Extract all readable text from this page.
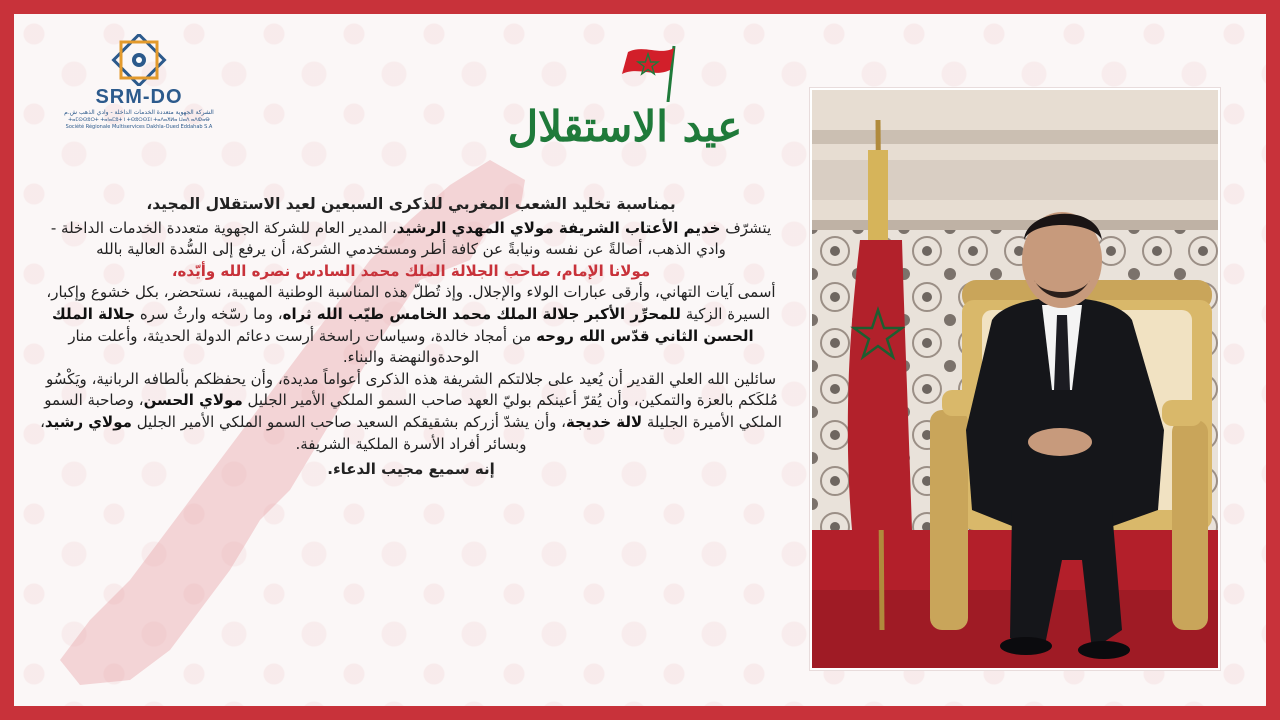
SRM-DO
الشركة الجهوية متعددة الخدمات الداخلة - وادي الذهب ش.م
ⵜⴰⵎⵙⵙⵓⵔⵜ ⵜⴰⵏⴰⵎⵓⵜ ⵏ ⵜⵙⵓⵔⵙⵉⵏ ⵜⴰⴷⴰⵅⵍⴰ ⵡⴰⴷ ⴰⴷⵀⴰⴱ
Société Régionale Multiservices Dakhla-Oued Eddahab S.A	عيد الاستقلال

بمناسبة تخليد الشعب المغربي للذكرى السبعين لعيد الاستقلال المجيد،

يتشرّف خديم الأعتاب الشريفة مولاي المهدي الرشيد، المدير العام للشركة الجهوية متعددة الخدمات الداخلة - وادي الذهب، أصالةً عن نفسه ونيابةً عن كافة أطر ومستخدمي الشركة، أن يرفع إلى السُّدة العالية بالله

مولانا الإمام، صاحب الجلالة الملك محمد السادس نصره الله وأيّده،

أسمى آيات التهاني، وأرقى عبارات الولاء والإجلال. وإذ تُطلّ هذه المناسبة الوطنية المهيبة، نستحضر، بكل خشوع وإكبار، السيرة الزكية للمحرِّر الأكبر جلالة الملك محمد الخامس طيّب الله ثراه، وما رسّخه وارثُ سره جلالة الملك الحسن الثاني قدّس الله روحه من أمجاد خالدة، وسياسات راسخة أرست دعائم الدولة الحديثة، وأعلت منار الوحدةوالنهضة والبناء.

سائلين الله العلي القدير أن يُعيد على جلالتكم الشريفة هذه الذكرى أعواماً مديدة، وأن يحفظكم بألطافه الربانية، ويَكْسُو مُلكَكم بالعزة والتمكين، وأن يُقرّ أعينكم بوليّ العهد صاحب السمو الملكي الأمير الجليل مولاي الحسن، وصاحبة السمو الملكي الأميرة الجليلة لالة خديجة، وأن يشدّ أزركم بشقيقكم السعيد صاحب السمو الملكي الأمير الجليل مولاي رشيد، وبسائر أفراد الأسرة الملكية الشريفة.

إنه سميع مجيب الدعاء.
